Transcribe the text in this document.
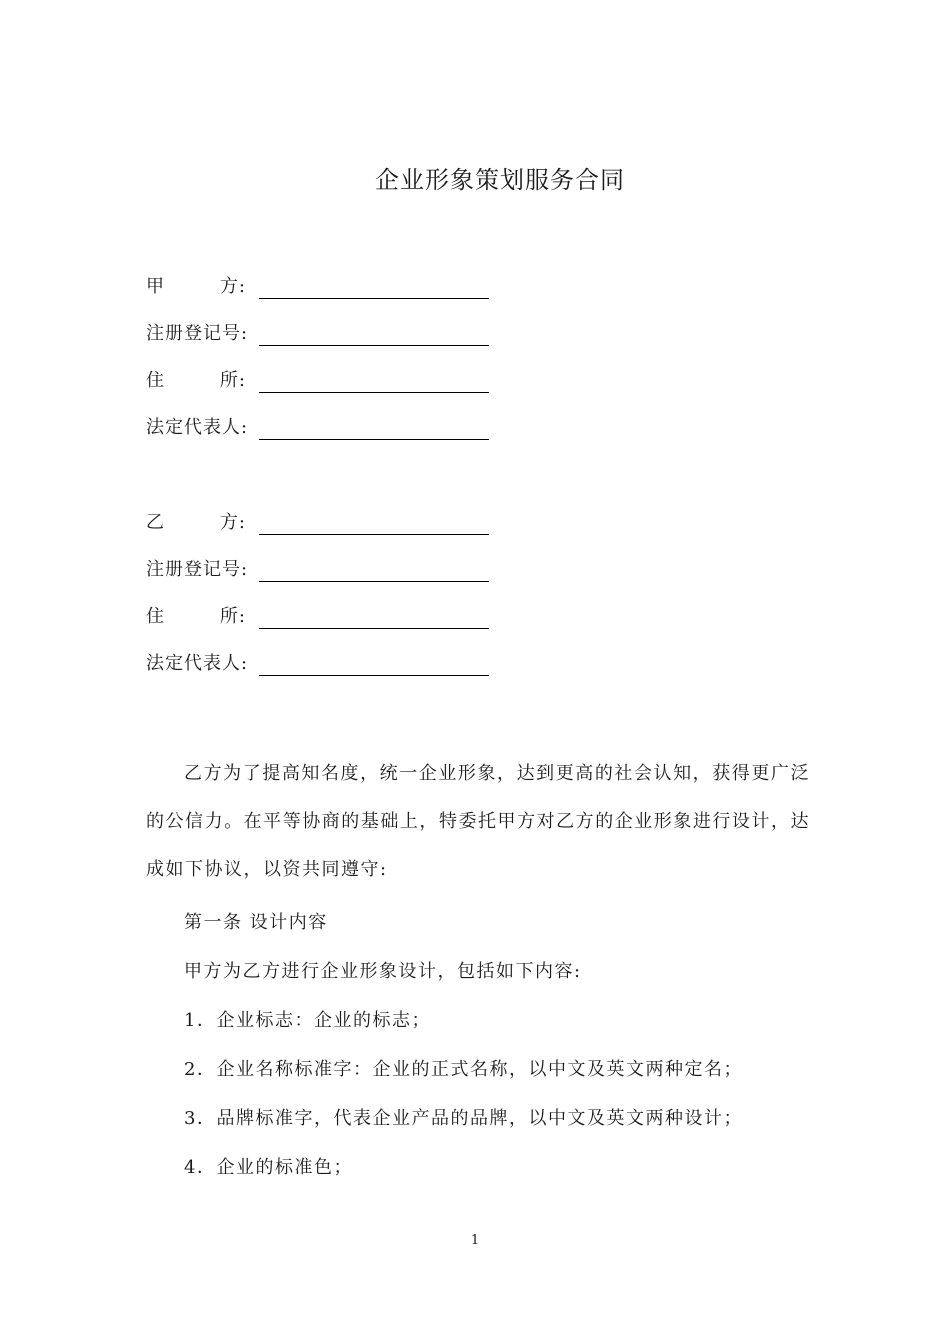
企业形象策划服务合同
甲	方:
注册登记号:
住	所:
法定代表人:
乙	方:
注册登记号:
住	所:
法定代表人:
乙方为了提高知名度，统一企业形象，达到更高的社会认知，获得更广泛的公信力。在平等协商的基础上，特委托甲方对乙方的企业形象进行设计，达成如下协议，以资共同遵守:
第一条 设计内容
甲方为乙方进行企业形象设计，包括如下内容:
1．企业标志：企业的标志；
2．企业名称标准字：企业的正式名称，以中文及英文两种定名；
3．品牌标准字，代表企业产品的品牌，以中文及英文两种设计；
4．企业的标准色；
1
